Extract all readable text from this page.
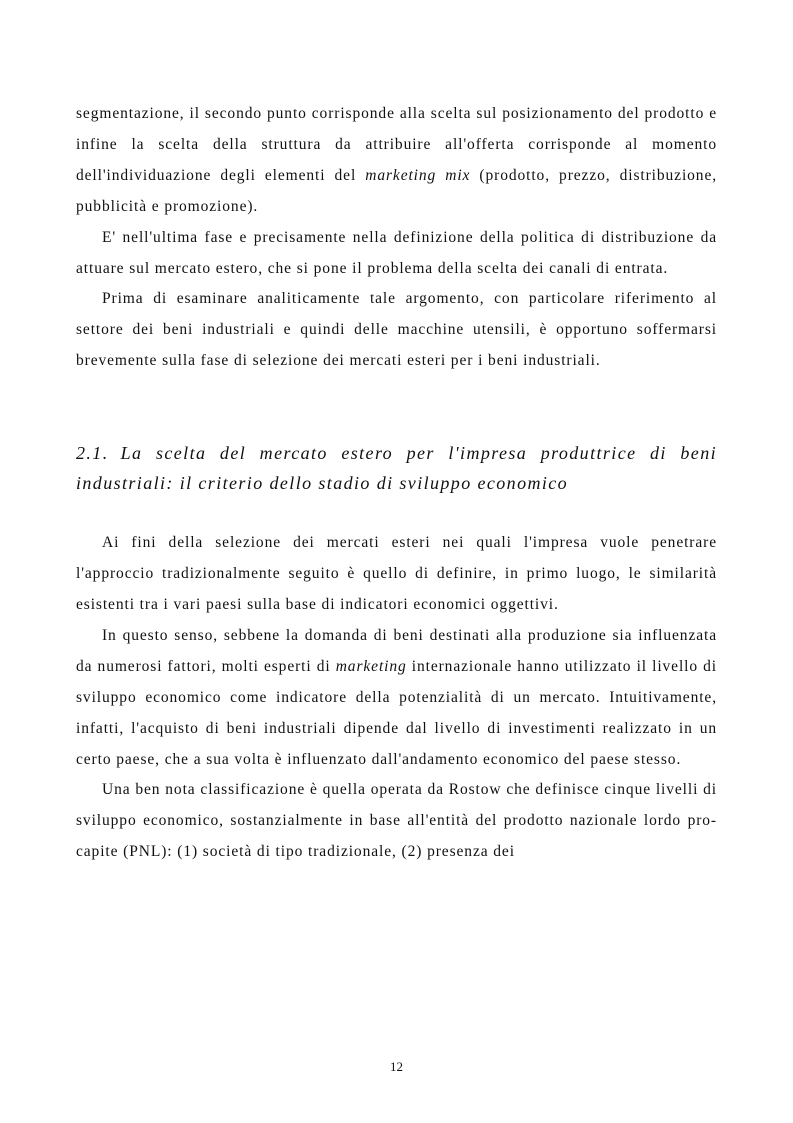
segmentazione, il secondo punto corrisponde alla scelta sul posizionamento del prodotto e infine la scelta della struttura da attribuire all'offerta corrisponde al momento dell'individuazione degli elementi del marketing mix (prodotto, prezzo, distribuzione, pubblicità e promozione).

E' nell'ultima fase e precisamente nella definizione della politica di distribuzione da attuare sul mercato estero, che si pone il problema della scelta dei canali di entrata.

Prima di esaminare analiticamente tale argomento, con particolare riferimento al settore dei beni industriali e quindi delle macchine utensili, è opportuno soffermarsi brevemente sulla fase di selezione dei mercati esteri per i beni industriali.

2.1. La scelta del mercato estero per l'impresa produttrice di beni industriali: il criterio dello stadio di sviluppo economico

Ai fini della selezione dei mercati esteri nei quali l'impresa vuole penetrare l'approccio tradizionalmente seguito è quello di definire, in primo luogo, le similarità esistenti tra i vari paesi sulla base di indicatori economici oggettivi.

In questo senso, sebbene la domanda di beni destinati alla produzione sia influenzata da numerosi fattori, molti esperti di marketing internazionale hanno utilizzato il livello di sviluppo economico come indicatore della potenzialità di un mercato. Intuitivamente, infatti, l'acquisto di beni industriali dipende dal livello di investimenti realizzato in un certo paese, che a sua volta è influenzato dall'andamento economico del paese stesso.

Una ben nota classificazione è quella operata da Rostow che definisce cinque livelli di sviluppo economico, sostanzialmente in base all'entità del prodotto nazionale lordo pro-capite (PNL): (1) società di tipo tradizionale, (2) presenza dei

12
